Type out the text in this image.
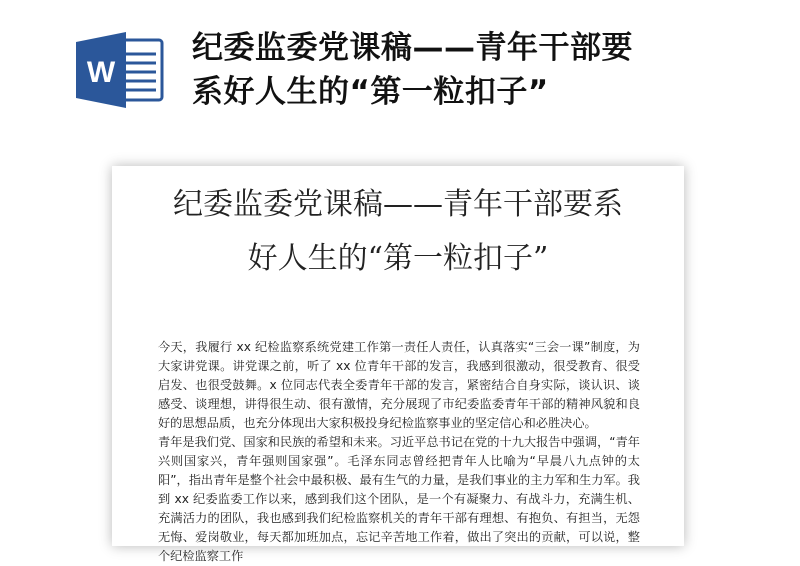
W
纪委监委党课稿——青年干部要
系好人生的“第一粒扣子”
纪委监委党课稿——青年干部要系
好人生的“第一粒扣子”

今天，我履行 xx 纪检监察系统党建工作第一责任人责任，认真落实“三会一课”制度，为大家讲党课。讲党课之前，听了 xx 位青年干部的发言，我感到很激动，很受教育、很受启发、也很受鼓舞。x 位同志代表全委青年干部的发言，紧密结合自身实际，谈认识、谈感受、谈理想，讲得很生动、很有激情，充分展现了市纪委监委青年干部的精神风貌和良好的思想品质，也充分体现出大家积极投身纪检监察事业的坚定信心和必胜决心。

青年是我们党、国家和民族的希望和未来。习近平总书记在党的十九大报告中强调，“青年兴则国家兴，青年强则国家强”。毛泽东同志曾经把青年人比喻为“早晨八九点钟的太阳”，指出青年是整个社会中最积极、最有生气的力量，是我们事业的主力军和生力军。我到 xx 纪委监委工作以来，感到我们这个团队，是一个有凝聚力、有战斗力，充满生机、充满活力的团队，我也感到我们纪检监察机关的青年干部有理想、有抱负、有担当，无怨无悔、爱岗敬业，每天都加班加点，忘记辛苦地工作着，做出了突出的贡献，可以说，整个纪检监察工作
